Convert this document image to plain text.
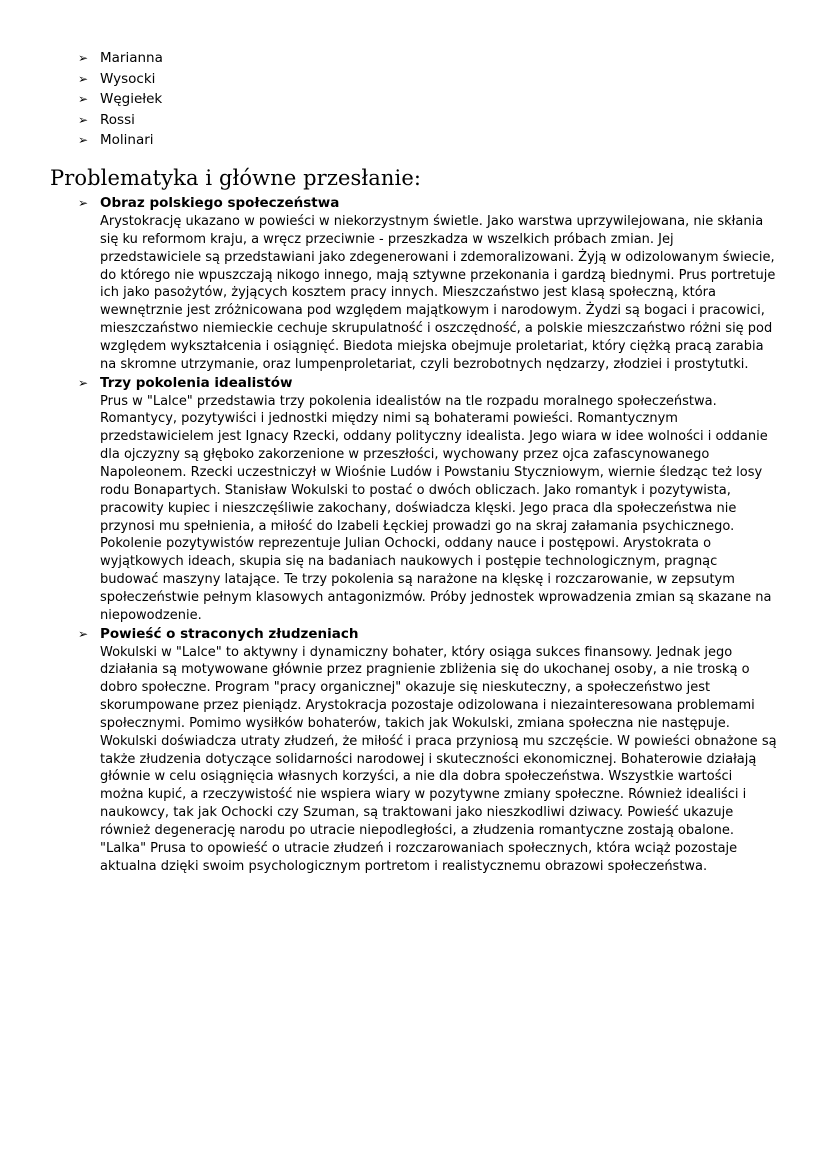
➢ Marianna
➢ Wysocki
➢ Węgiełek
➢ Rossi
➢ Molinari
Problematyka i główne przesłanie:
➢ Obraz polskiego społeczeństwa

Arystokrację ukazano w powieści w niekorzystnym świetle. Jako warstwa uprzywilejowana, nie skłania się ku reformom kraju, a wręcz przeciwnie - przeszkadza w wszelkich próbach zmian. Jej przedstawiciele są przedstawiani jako zdegenerowani i zdemoralizowani. Żyją w odizolowanym świecie, do którego nie wpuszczają nikogo innego, mają sztywne przekonania i gardzą biednymi. Prus portretuje ich jako pasożytów, żyjących kosztem pracy innych. Mieszczaństwo jest klasą społeczną, która wewnętrznie jest zróżnicowana pod względem majątkowym i narodowym. Żydzi są bogaci i pracowici, mieszczaństwo niemieckie cechuje skrupulatność i oszczędność, a polskie mieszczaństwo różni się pod względem wykształcenia i osiągnięć. Biedota miejska obejmuje proletariat, który ciężką pracą zarabia na skromne utrzymanie, oraz lumpenproletariat, czyli bezrobotnych nędzarzy, złodziei i prostytutki.

➢ Trzy pokolenia idealistów

Prus w "Lalce" przedstawia trzy pokolenia idealistów na tle rozpadu moralnego społeczeństwa. Romantycy, pozytywiści i jednostki między nimi są bohaterami powieści. Romantycznym przedstawicielem jest Ignacy Rzecki, oddany polityczny idealista. Jego wiara w idee wolności i oddanie dla ojczyzny są głęboko zakorzenione w przeszłości, wychowany przez ojca zafascynowanego Napoleonem. Rzecki uczestniczył w Wiośnie Ludów i Powstaniu Styczniowym, wiernie śledząc też losy rodu Bonapartych. Stanisław Wokulski to postać o dwóch obliczach. Jako romantyk i pozytywista, pracowity kupiec i nieszczęśliwie zakochany, doświadcza klęski. Jego praca dla społeczeństwa nie przynosi mu spełnienia, a miłość do Izabeli Łęckiej prowadzi go na skraj załamania psychicznego. Pokolenie pozytywistów reprezentuje Julian Ochocki, oddany nauce i postępowi. Arystokrata o wyjątkowych ideach, skupia się na badaniach naukowych i postępie technologicznym, pragnąc budować maszyny latające. Te trzy pokolenia są narażone na klęskę i rozczarowanie, w zepsutym społeczeństwie pełnym klasowych antagonizmów. Próby jednostek wprowadzenia zmian są skazane na niepowodzenie.

➢ Powieść o straconych złudzeniach

Wokulski w "Lalce" to aktywny i dynamiczny bohater, który osiąga sukces finansowy. Jednak jego działania są motywowane głównie przez pragnienie zbliżenia się do ukochanej osoby, a nie troską o dobro społeczne. Program "pracy organicznej" okazuje się nieskuteczny, a społeczeństwo jest skorumpowane przez pieniądz. Arystokracja pozostaje odizolowana i niezainteresowana problemami społecznymi. Pomimo wysiłków bohaterów, takich jak Wokulski, zmiana społeczna nie następuje. Wokulski doświadcza utraty złudzeń, że miłość i praca przyniosą mu szczęście. W powieści obnażone są także złudzenia dotyczące solidarności narodowej i skuteczności ekonomicznej. Bohaterowie działają głównie w celu osiągnięcia własnych korzyści, a nie dla dobra społeczeństwa. Wszystkie wartości można kupić, a rzeczywistość nie wspiera wiary w pozytywne zmiany społeczne. Również idealiści i naukowcy, tak jak Ochocki czy Szuman, są traktowani jako nieszkodliwi dziwacy. Powieść ukazuje również degenerację narodu po utracie niepodległości, a złudzenia romantyczne zostają obalone. "Lalka" Prusa to opowieść o utracie złudzeń i rozczarowaniach społecznych, która wciąż pozostaje aktualna dzięki swoim psychologicznym portretom i realistycznemu obrazowi społeczeństwa.
